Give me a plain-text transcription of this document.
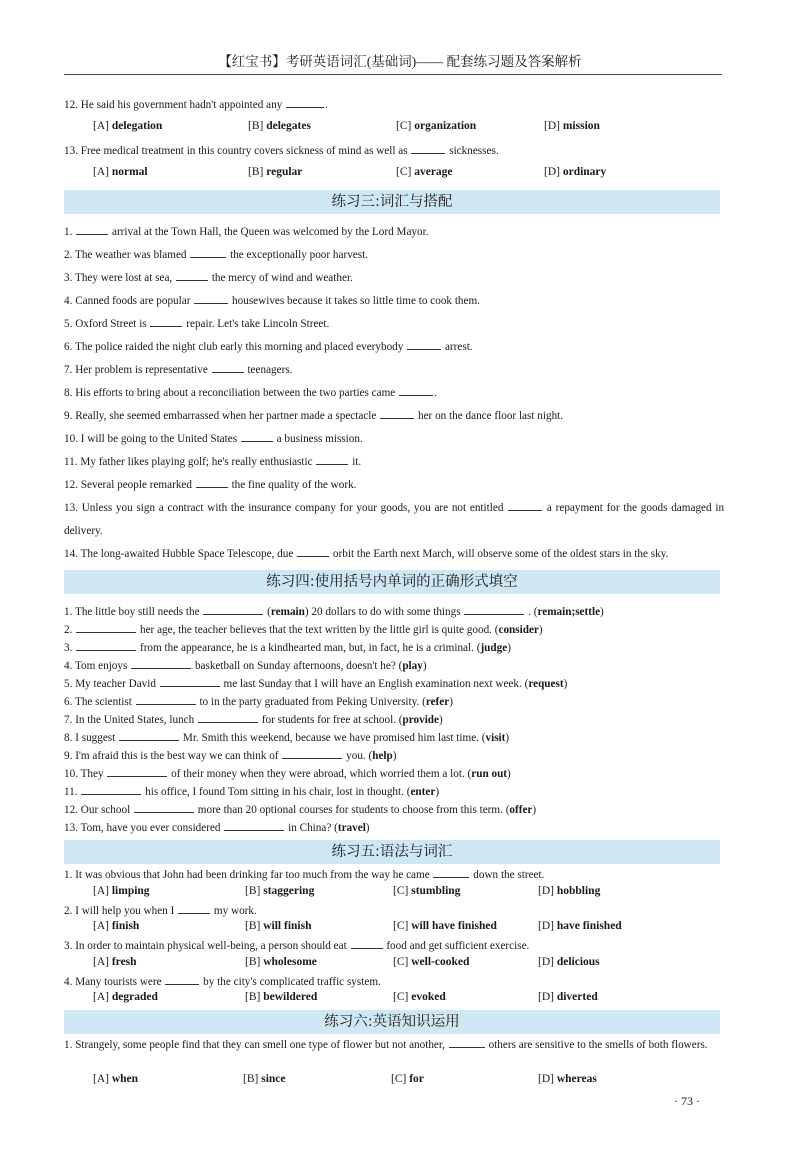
【红宝书】考研英语词汇(基础词)—— 配套练习题及答案解析
12. He said his government hadn't appointed any	.
[A] delegation	[B] delegates	[C] organization	[D] mission
13. Free medical treatment in this country covers sickness of mind as well as	sicknesses.
[A] normal	[B] regular	[C] average	[D] ordinary
练习三:词汇与搭配
1.	arrival at the Town Hall, the Queen was welcomed by the Lord Mayor.
2. The weather was blamed	the exceptionally poor harvest.
3. They were lost at sea,	the mercy of wind and weather.
4. Canned foods are popular	housewives because it takes so little time to cook them.
5. Oxford Street is	repair. Let's take Lincoln Street.
6. The police raided the night club early this morning and placed everybody	arrest.
7. Her problem is representative	teenagers.
8. His efforts to bring about a reconciliation between the two parties came	.
9. Really, she seemed embarrassed when her partner made a spectacle	her on the dance floor last night.
10. I will be going to the United States	a business mission.
11. My father likes playing golf; he's really enthusiastic	it.
12. Several people remarked	the fine quality of the work.
13. Unless you sign a contract with the insurance company for your goods, you are not entitled	a repayment for the goods damaged in delivery.
14. The long-awaited Hubble Space Telescope, due	orbit the Earth next March, will observe some of the oldest stars in the sky.
练习四:使用括号内单词的正确形式填空
1. The little boy still needs the	(remain) 20 dollars to do with some things	. (remain;settle)
2.	her age, the teacher believes that the text written by the little girl is quite good. (consider)
3.	from the appearance, he is a kindhearted man, but, in fact, he is a criminal. (judge)
4. Tom enjoys	basketball on Sunday afternoons, doesn't he? (play)
5. My teacher David	me last Sunday that I will have an English examination next week. (request)
6. The scientist	to in the party graduated from Peking University. (refer)
7. In the United States, lunch	for students for free at school. (provide)
8. I suggest	Mr. Smith this weekend, because we have promised him last time. (visit)
9. I'm afraid this is the best way we can think of	you. (help)
10. They	of their money when they were abroad, which worried them a lot. (run out)
11.	his office, I found Tom sitting in his chair, lost in thought. (enter)
12. Our school	more than 20 optional courses for students to choose from this term. (offer)
13. Tom, have you ever considered	in China? (travel)
练习五:语法与词汇
1. It was obvious that John had been drinking far too much from the way he came	down the street.
[A] limping	[B] staggering	[C] stumbling	[D] hobbling
2. I will help you when I	my work.
[A] finish	[B] will finish	[C] will have finished	[D] have finished
3. In order to maintain physical well-being, a person should eat	food and get sufficient exercise.
[A] fresh	[B] wholesome	[C] well-cooked	[D] delicious
4. Many tourists were	by the city's complicated traffic system.
[A] degraded	[B] bewildered	[C] evoked	[D] diverted
练习六:英语知识运用
1. Strangely, some people find that they can smell one type of flower but not another,	others are sensitive to the smells of both flowers.
[A] when	[B] since	[C] for	[D] whereas
· 73 ·
